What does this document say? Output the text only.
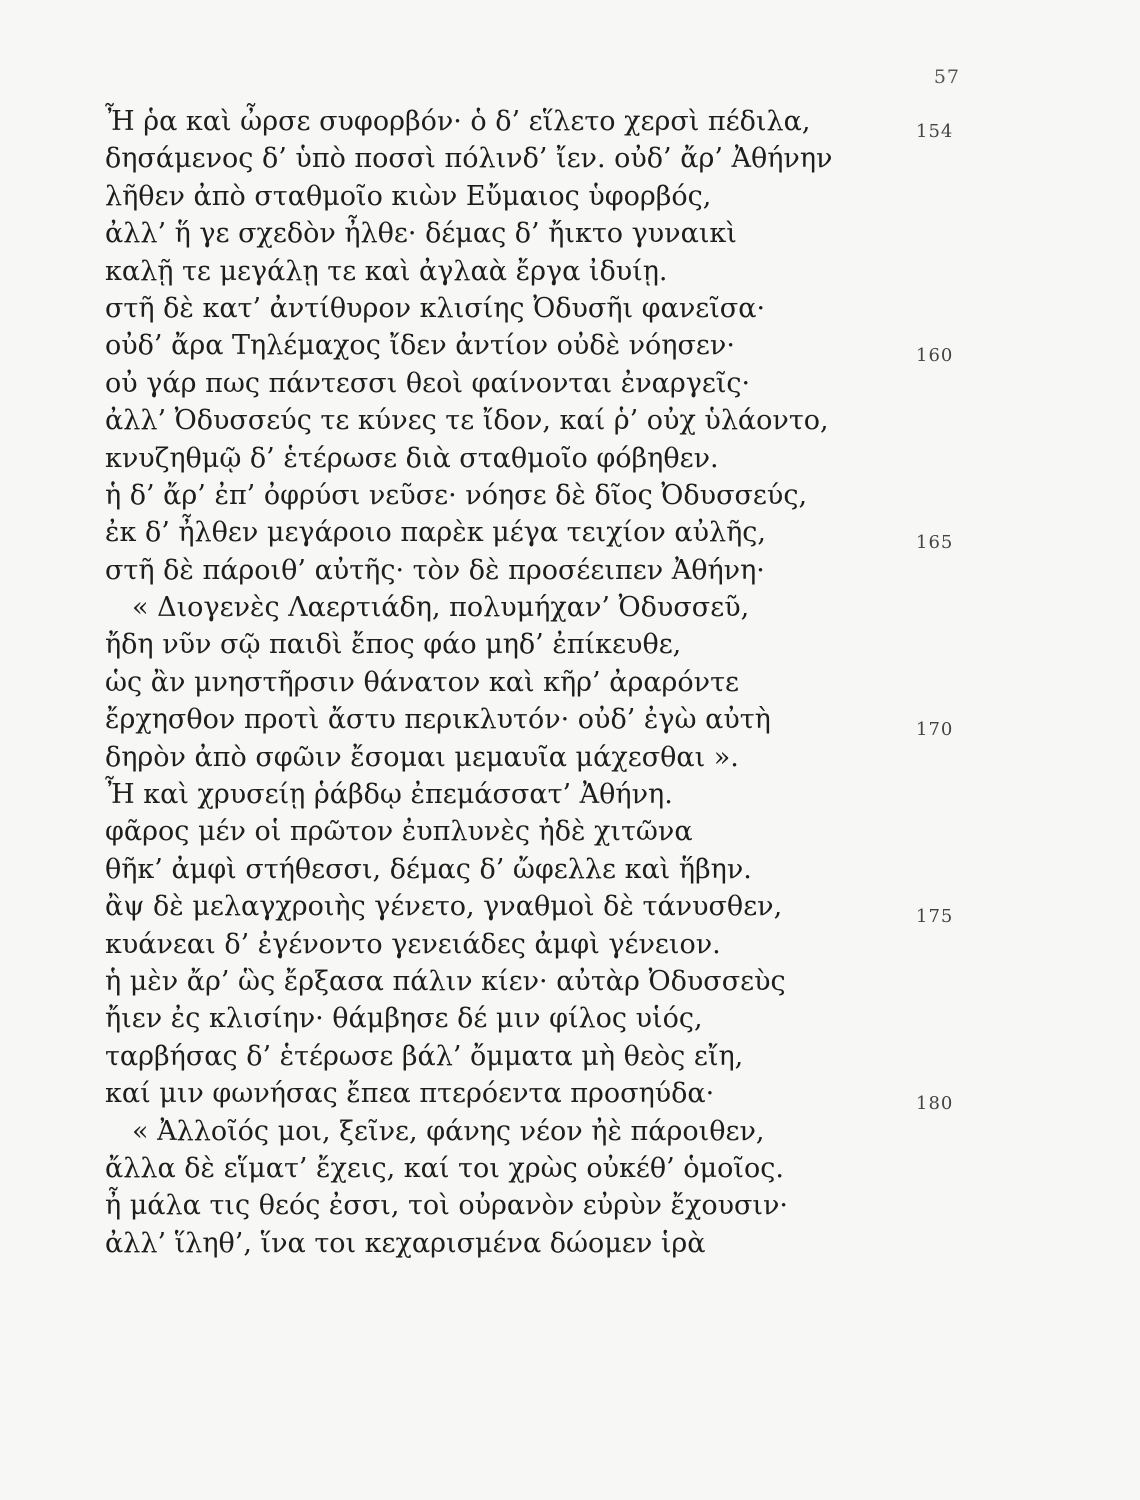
57
Ἦ ῥα καὶ ὦρσε συφορβόν· ὁ δ’ εἵλετο χερσὶ πέδιλα,	154
δησάμενος δ’ ὑπὸ ποσσὶ πόλινδ’ ἴεν. οὐδ’ ἄρ’ Ἀθήνην
λῆθεν ἀπὸ σταθμοῖο κιὼν Εὔμαιος ὑφορβός,
ἀλλ’ ἥ γε σχεδὸν ἦλθε· δέμας δ’ ἤικτο γυναικὶ
καλῇ τε μεγάλῃ τε καὶ ἀγλαὰ ἔργα ἰδυίῃ.
στῆ δὲ κατ’ ἀντίθυρον κλισίης Ὀδυσῆι φανεῖσα·
οὐδ’ ἄρα Τηλέμαχος ἴδεν ἀντίον οὐδὲ νόησεν·	160
οὐ γάρ πως πάντεσσι θεοὶ φαίνονται ἐναργεῖς·
ἀλλ’ Ὀδυσσεύς τε κύνες τε ἴδον, καί ῥ’ οὐχ ὑλάοντο,
κνυζηθμῷ δ’ ἑτέρωσε διὰ σταθμοῖο φόβηθεν.
ἡ δ’ ἄρ’ ἐπ’ ὀφρύσι νεῦσε· νόησε δὲ δῖος Ὀδυσσεύς,
ἐκ δ’ ἦλθεν μεγάροιο παρὲκ μέγα τειχίον αὐλῆς,	165
στῆ δὲ πάροιθ’ αὐτῆς· τὸν δὲ προσέειπεν Ἀθήνη·
« Διογενὲς Λαερτιάδη, πολυμήχαν’ Ὀδυσσεῦ,
ἤδη νῦν σῷ παιδὶ ἔπος φάο μηδ’ ἐπίκευθε,
ὡς ἂν μνηστῆρσιν θάνατον καὶ κῆρ’ ἀραρόντε
ἔρχησθον προτὶ ἄστυ περικλυτόν· οὐδ’ ἐγὼ αὐτὴ	170
δηρὸν ἀπὸ σφῶιν ἔσομαι μεμαυῖα μάχεσθαι ».
Ἦ καὶ χρυσείῃ ῥάβδῳ ἐπεμάσσατ’ Ἀθήνη.
φᾶρος μέν οἱ πρῶτον ἐυπλυνὲς ἠδὲ χιτῶνα
θῆκ’ ἀμφὶ στήθεσσι, δέμας δ’ ὤφελλε καὶ ἥβην.
ἂψ δὲ μελαγχροιὴς γένετο, γναθμοὶ δὲ τάνυσθεν,	175
κυάνεαι δ’ ἐγένοντο γενειάδες ἀμφὶ γένειον.
ἡ μὲν ἄρ’ ὣς ἔρξασα πάλιν κίεν· αὐτὰρ Ὀδυσσεὺς
ἤιεν ἐς κλισίην· θάμβησε δέ μιν φίλος υἱός,
ταρβήσας δ’ ἑτέρωσε βάλ’ ὄμματα μὴ θεὸς εἴη,
καί μιν φωνήσας ἔπεα πτερόεντα προσηύδα·	180
« Ἀλλοῖός μοι, ξεῖνε, φάνης νέον ἠὲ πάροιθεν,
ἄλλα δὲ εἵματ’ ἔχεις, καί τοι χρὼς οὐκέθ’ ὁμοῖος.
ἦ μάλα τις θεός ἐσσι, τοὶ οὐρανὸν εὐρὺν ἔχουσιν·
ἀλλ’ ἵληθ’, ἵνα τοι κεχαρισμένα δώομεν ἱρὰ
